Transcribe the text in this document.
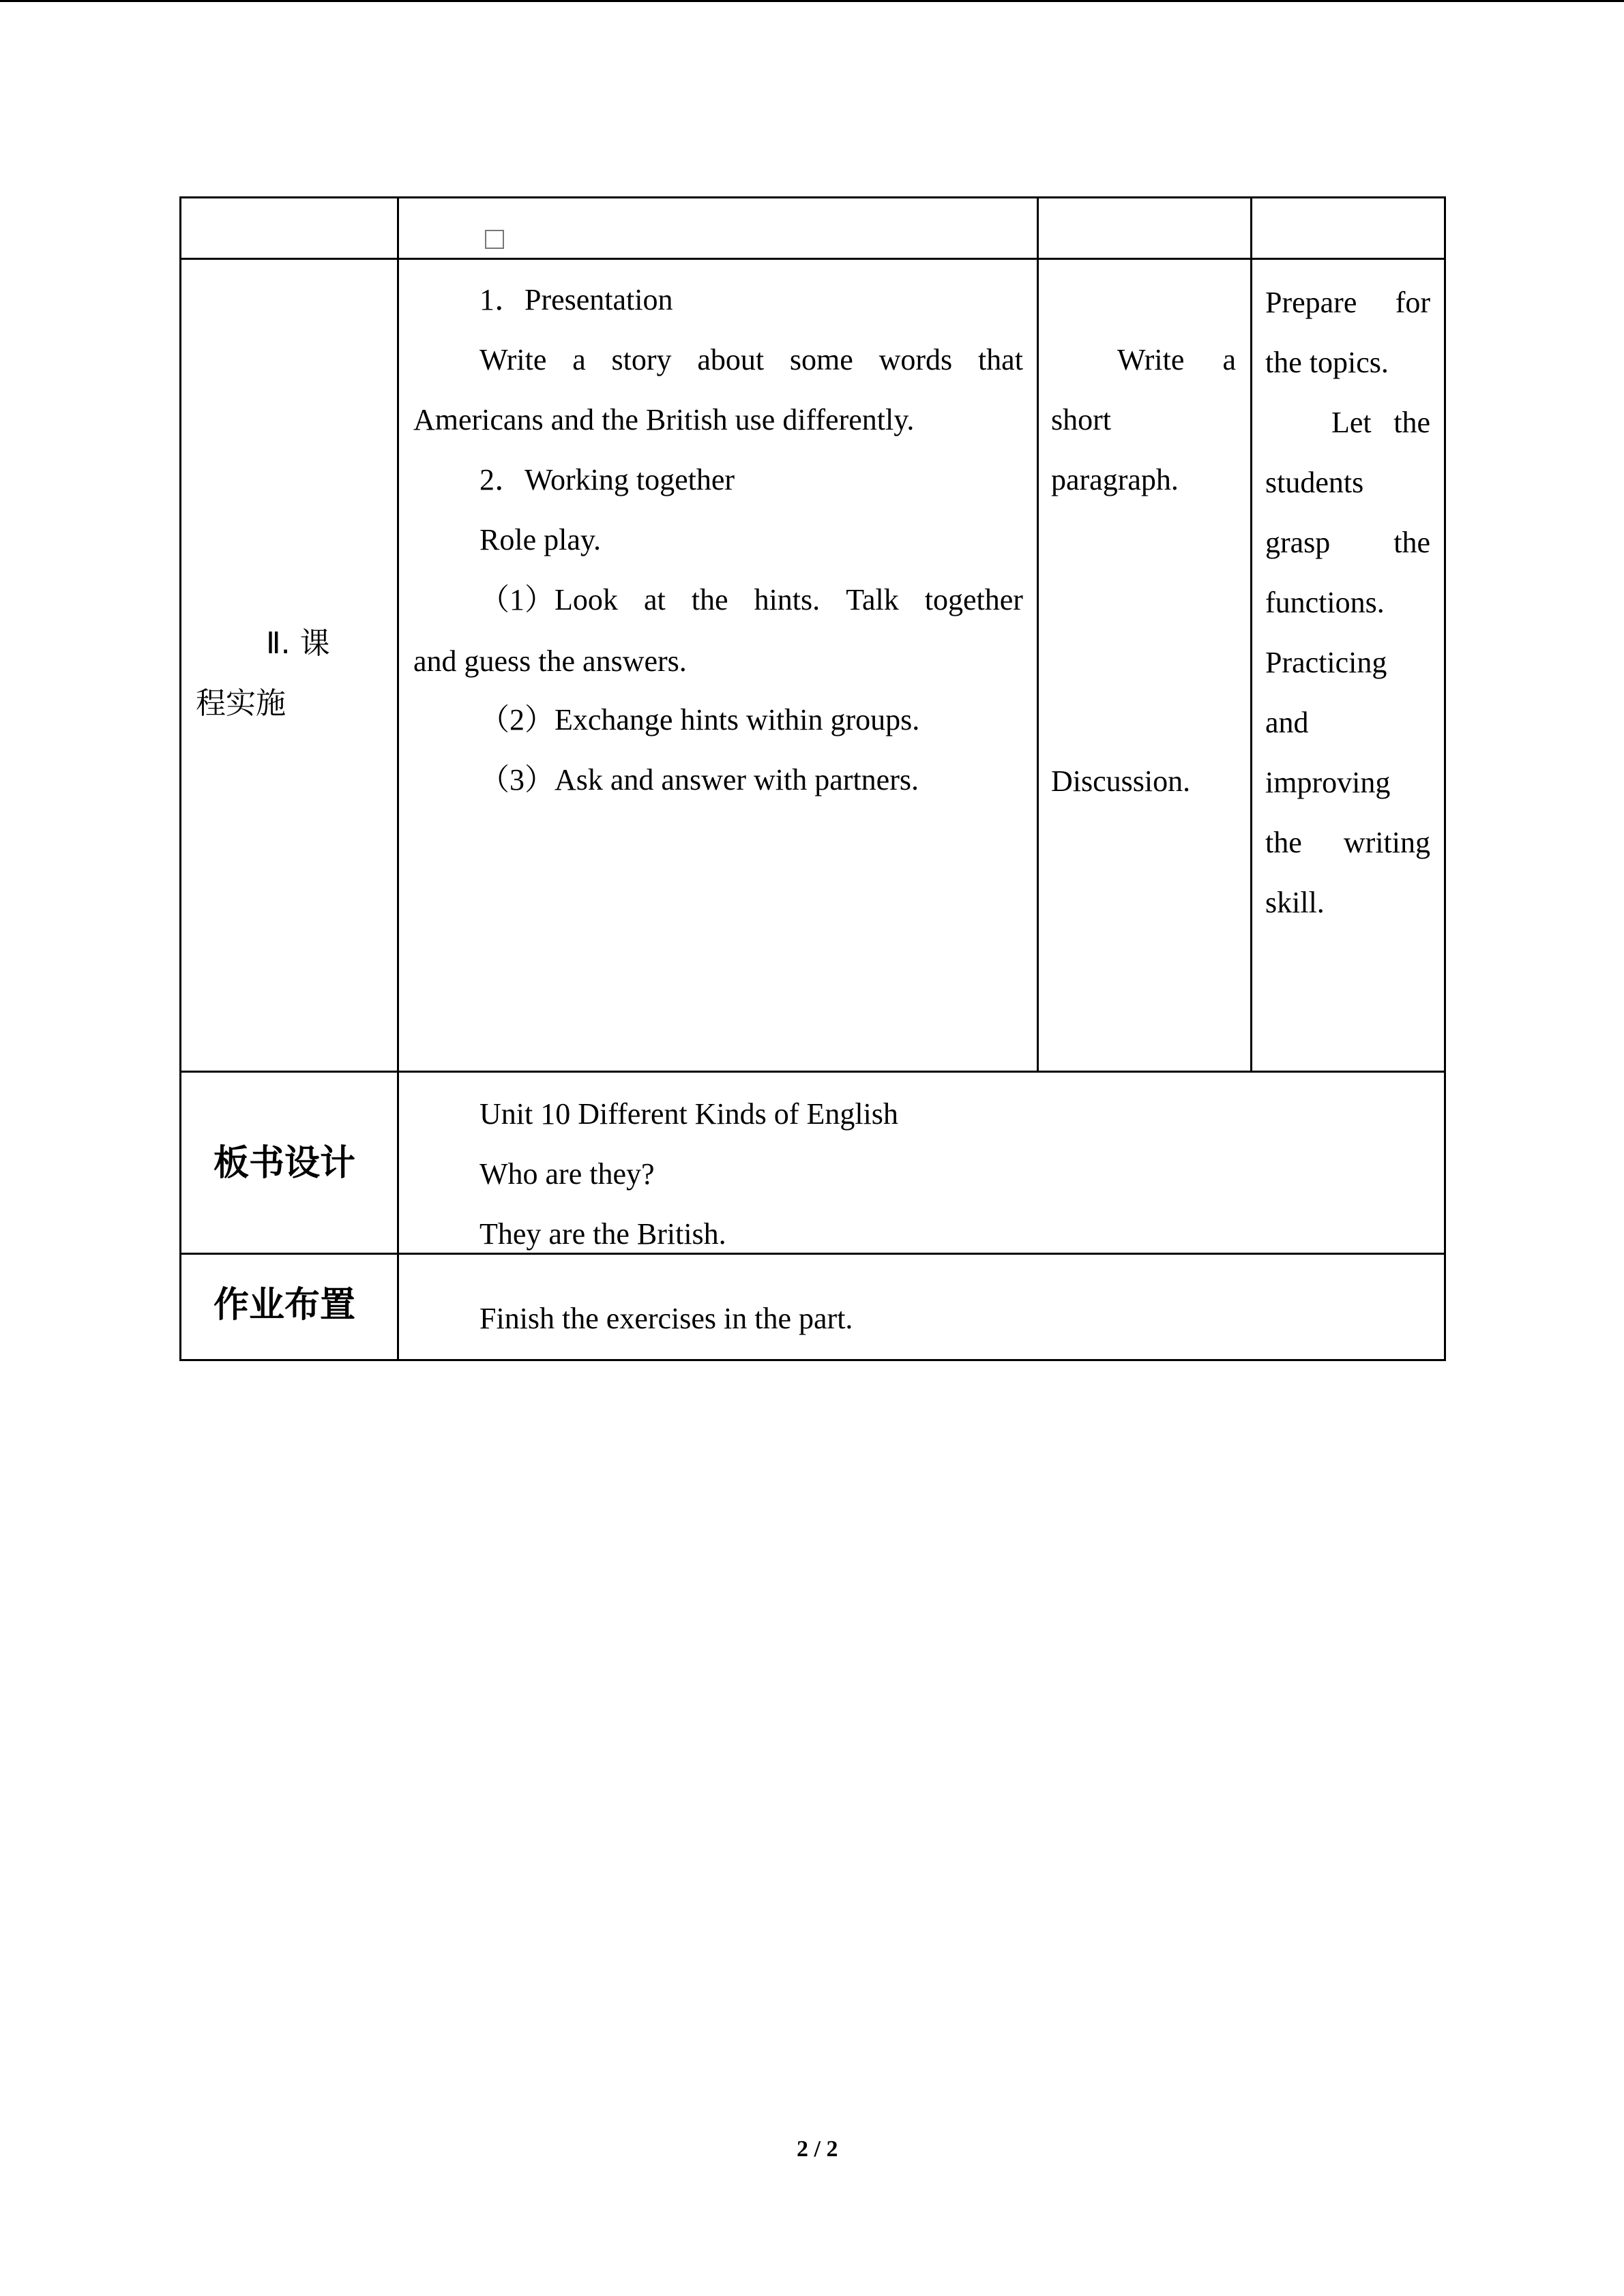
Ⅱ. 课
程实施
1．Presentation
Write a story about some words that
Americans and the British use differently.
2．Working together
Role play.
（1）Look at the hints. Talk together
and guess the answers.
（2）Exchange hints within groups.
（3）Ask and answer with partners.
Write a
short
paragraph.
Discussion.
Prepare for
the topics.
Let the
students
grasp the
functions.
Practicing
and
improving
the writing
skill.
板书设计
Unit 10 Different Kinds of English
Who are they?
They are the British.
作业布置	Finish the exercises in the part.
2 / 2
